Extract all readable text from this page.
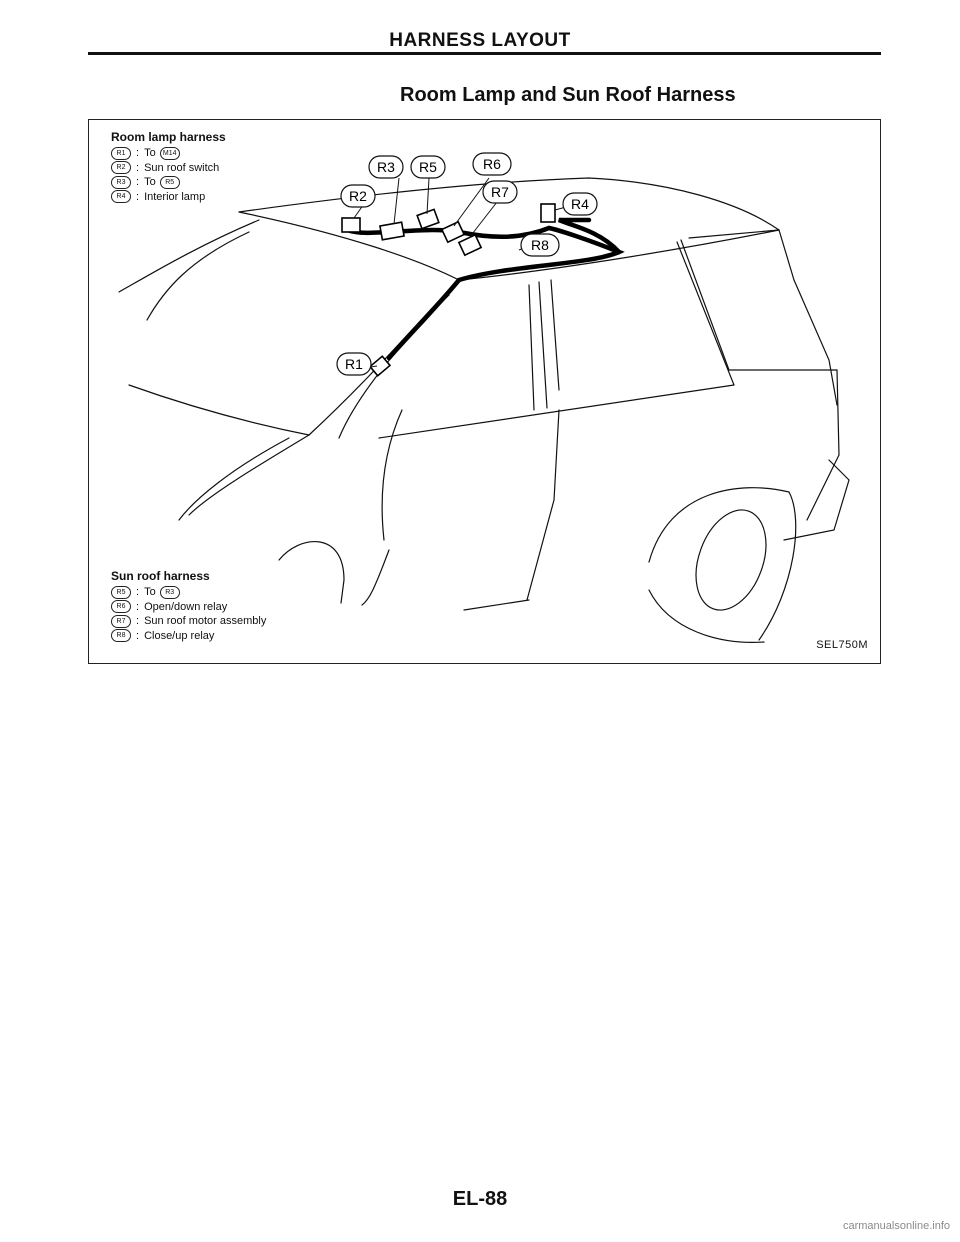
HARNESS LAYOUT
Room Lamp and Sun Roof Harness
R1
R2
R3
R4
R5	R6
R7
R8
Room lamp harness
R1 : To	M14
R2 : Sun roof switch
R3 : To	R5
R4 : Interior lamp
Sun roof harness
R5 : To	R3
R6 : Open/down relay
R7 : Sun roof motor assembly
R8 : Close/up relay
SEL750M
EL-88
carmanualsonline.info
